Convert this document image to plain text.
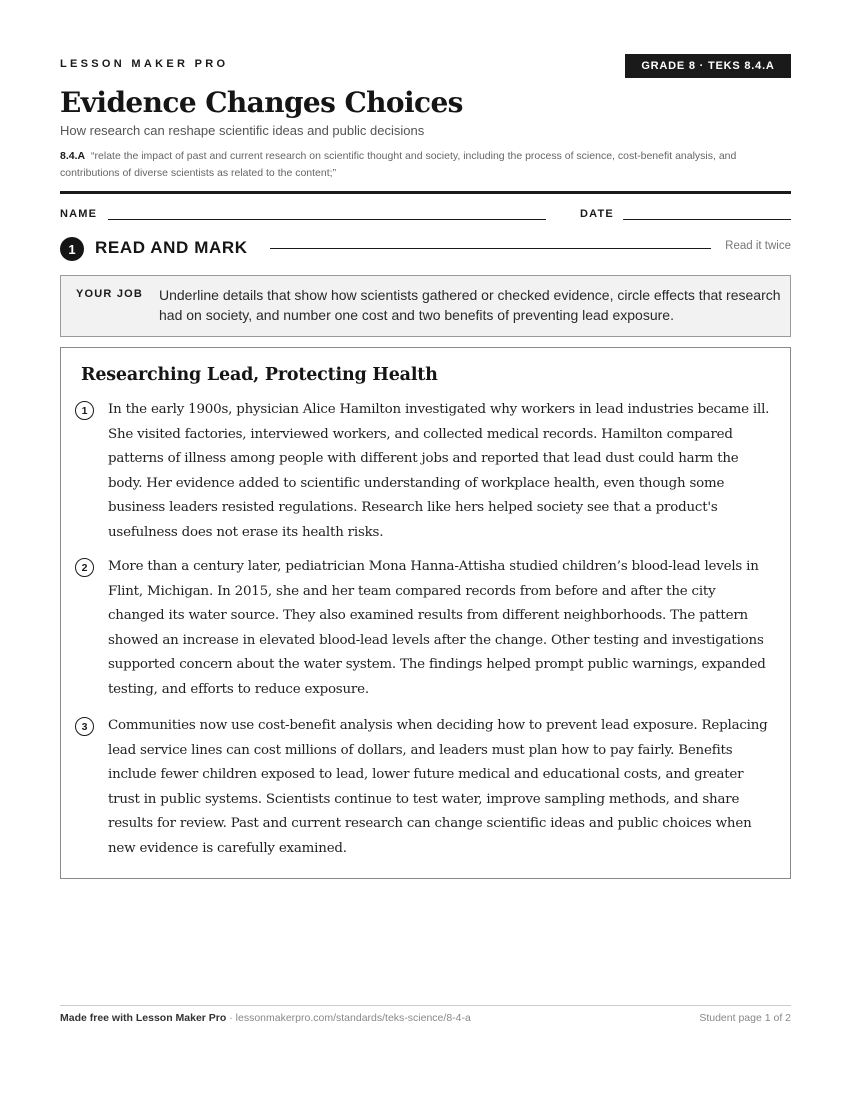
LESSON MAKER PRO	GRADE 8 · TEKS 8.4.A
Evidence Changes Choices
How research can reshape scientific ideas and public decisions
8.4.A “relate the impact of past and current research on scientific thought and society, including the process of science, cost-benefit analysis, and contributions of diverse scientists as related to the content;”
NAME	DATE
1	READ AND MARK	Read it twice
YOUR JOB Underline details that show how scientists gathered or checked evidence, circle effects that research had on society, and number one cost and two benefits of preventing lead exposure.
Researching Lead, Protecting Health
1	In the early 1900s, physician Alice Hamilton investigated why workers in lead industries became ill. She visited factories, interviewed workers, and collected medical records. Hamilton compared patterns of illness among people with different jobs and reported that lead dust could harm the body. Her evidence added to scientific understanding of workplace health, even though some business leaders resisted regulations. Research like hers helped society see that a product's usefulness does not erase its health risks.
2	More than a century later, pediatrician Mona Hanna-Attisha studied children’s blood-lead levels in Flint, Michigan. In 2015, she and her team compared records from before and after the city changed its water source. They also examined results from different neighborhoods. The pattern showed an increase in elevated blood-lead levels after the change. Other testing and investigations supported concern about the water system. The findings helped prompt public warnings, expanded testing, and efforts to reduce exposure.
3	Communities now use cost-benefit analysis when deciding how to prevent lead exposure. Replacing lead service lines can cost millions of dollars, and leaders must plan how to pay fairly. Benefits include fewer children exposed to lead, lower future medical and educational costs, and greater trust in public systems. Scientists continue to test water, improve sampling methods, and share results for review. Past and current research can change scientific ideas and public choices when new evidence is carefully examined.
Made free with Lesson Maker Pro · lessonmakerpro.com/standards/teks-science/8-4-a	Student page 1 of 2
